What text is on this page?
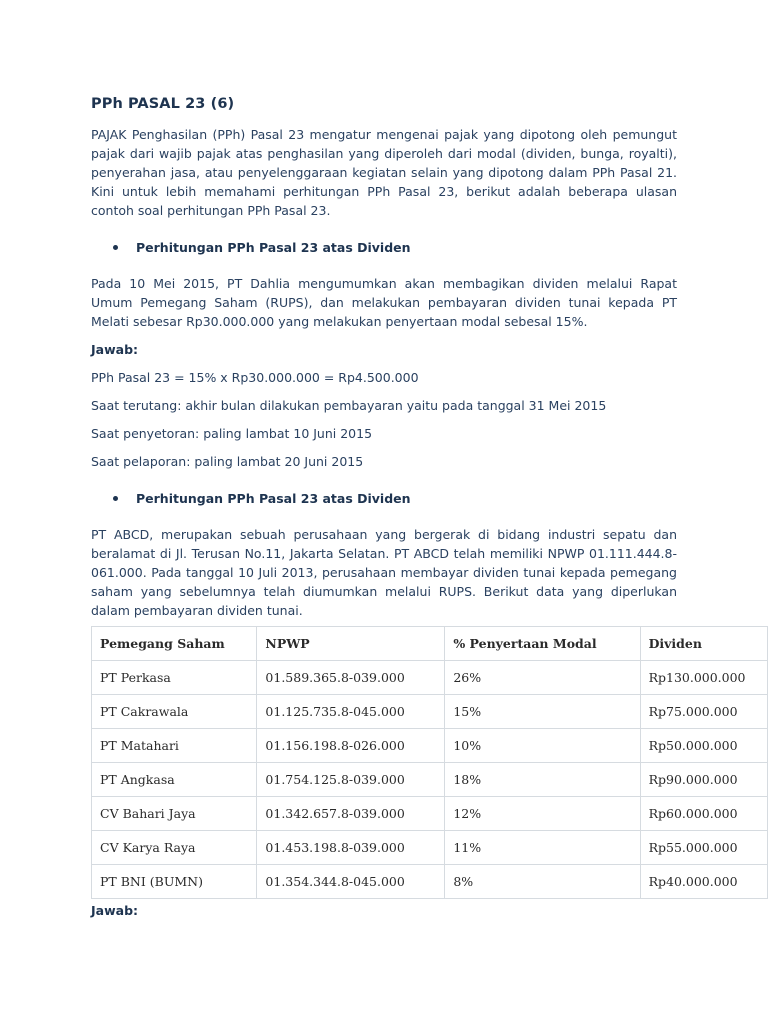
PPh PASAL 23 (6)

PAJAK Penghasilan (PPh) Pasal 23 mengatur mengenai pajak yang dipotong oleh pemungut pajak dari wajib pajak atas penghasilan yang diperoleh dari modal (dividen, bunga, royalti), penyerahan jasa, atau penyelenggaraan kegiatan selain yang dipotong dalam PPh Pasal 21. Kini untuk lebih memahami perhitungan PPh Pasal 23, berikut adalah beberapa ulasan contoh soal perhitungan PPh Pasal 23.

Perhitungan PPh Pasal 23 atas Dividen

Pada 10 Mei 2015, PT Dahlia mengumumkan akan membagikan dividen melalui Rapat Umum Pemegang Saham (RUPS), dan melakukan pembayaran dividen tunai kepada PT Melati sebesar Rp30.000.000 yang melakukan penyertaan modal sebesal 15%.

Jawab:

PPh Pasal 23 = 15% x Rp30.000.000 = Rp4.500.000

Saat terutang: akhir bulan dilakukan pembayaran yaitu pada tanggal 31 Mei 2015

Saat penyetoran: paling lambat 10 Juni 2015

Saat pelaporan: paling lambat 20 Juni 2015

Perhitungan PPh Pasal 23 atas Dividen

PT ABCD, merupakan sebuah perusahaan yang bergerak di bidang industri sepatu dan beralamat di Jl. Terusan No.11, Jakarta Selatan. PT ABCD telah memiliki NPWP 01.111.444.8-061.000. Pada tanggal 10 Juli 2013, perusahaan membayar dividen tunai kepada pemegang saham yang sebelumnya telah diumumkan melalui RUPS. Berikut data yang diperlukan dalam pembayaran dividen tunai.

Pemegang Saham	NPWP	% Penyertaan Modal	Dividen
PT Perkasa	01.589.365.8-039.000	26%	Rp130.000.000
PT Cakrawala	01.125.735.8-045.000	15%	Rp75.000.000
PT Matahari	01.156.198.8-026.000	10%	Rp50.000.000
PT Angkasa	01.754.125.8-039.000	18%	Rp90.000.000
CV Bahari Jaya	01.342.657.8-039.000	12%	Rp60.000.000
CV Karya Raya	01.453.198.8-039.000	11%	Rp55.000.000
PT BNI (BUMN)	01.354.344.8-045.000	8%	Rp40.000.000
Jawab:
